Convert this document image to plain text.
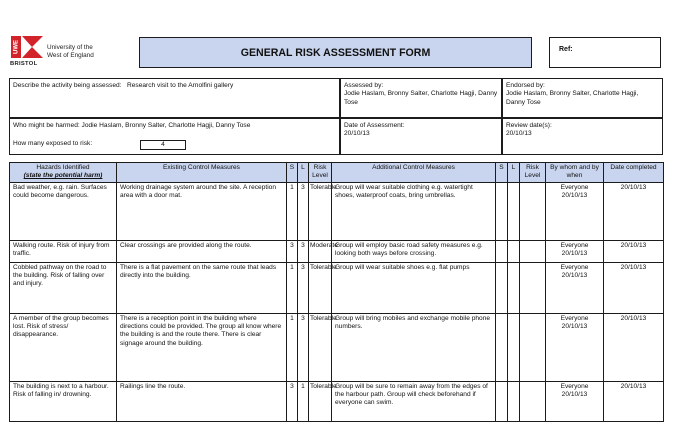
UWE	University of the West of England
BRISTOL
GENERAL RISK ASSESSMENT FORM	Ref:
Describe the activity being assessed: Research visit to the Arnolfini gallery	Assessed by:
Jodie Haslam, Bronny Salter, Charlotte Hagji, Danny Tose
Endorsed by:
Jodie Haslam, Bronny Salter, Charlotte Hagji, Danny Tose
Who might be harmed: Jodie Haslam, Bronny Salter, Charlotte Hagji, Danny Tose
How many exposed to risk:	4
Date of Assessment:
20/10/13
Review date(s):
20/10/13
Hazards Identified
(state the potential harm)	Existing Control Measures	S	L	Risk Level	Additional Control Measures	S	L	Risk Level	By whom and by when	Date completed
Bad weather, e.g. rain. Surfaces could become dangerous.	Working drainage system around the site. A reception area with a door mat.	1	3	Tolerable	Group will wear suitable clothing e.g. watertight shoes, waterproof coats, bring umbrellas.				Everyone 20/10/13	20/10/13
Walking route. Risk of injury from traffic.	Clear crossings are provided along the route.	3	3	Moderate	Group will employ basic road safety measures e.g. looking both ways before crossing.				Everyone 20/10/13	20/10/13
Cobbled pathway on the road to the building. Risk of falling over and injury.	There is a flat pavement on the same route that leads directly into the building.	1	3	Tolerable	Group will wear suitable shoes e.g. flat pumps				Everyone 20/10/13	20/10/13
A member of the group becomes lost. Risk of stress/ disappearance.	There is a reception point in the building where directions could be provided. The group all know where the building is and the route there. There is clear signage around the building.	1	3	Tolerable	Group will bring mobiles and exchange mobile phone numbers.				Everyone 20/10/13	20/10/13
The building is next to a harbour. Risk of falling in/ drowning.	Railings line the route.	3	1	Tolerable	Group will be sure to remain away from the edges of the harbour path. Group will check beforehand if everyone can swim.				Everyone 20/10/13	20/10/13
